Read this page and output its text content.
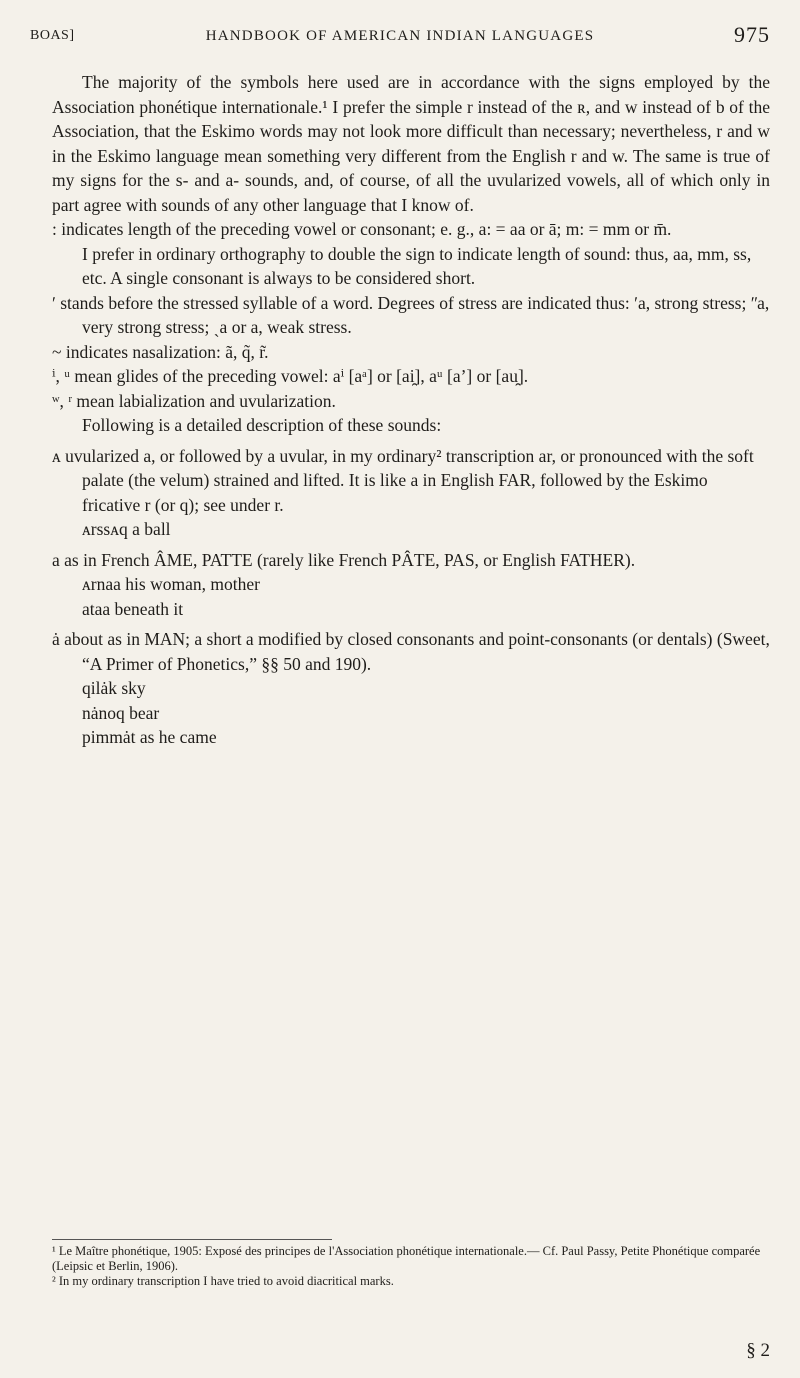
BOAS]	HANDBOOK OF AMERICAN INDIAN LANGUAGES	975

The majority of the symbols here used are in accordance with the signs employed by the Association phonétique internationale.¹ I prefer the simple r instead of the ʀ, and w instead of b of the Association, that the Eskimo words may not look more difficult than necessary; nevertheless, r and w in the Eskimo language mean something very different from the English r and w. The same is true of my signs for the s- and a- sounds, and, of course, of all the uvularized vowels, all of which only in part agree with sounds of any other language that I know of.

: indicates length of the preceding vowel or consonant; e. g., a: = aa or ā; m: = mm or m̄.

I prefer in ordinary orthography to double the sign to indicate length of sound: thus, aa, mm, ss, etc. A single consonant is always to be considered short.

ʹ stands before the stressed syllable of a word. Degrees of stress are indicated thus: ʹa, strong stress; ʺa, very strong stress; ˏa or a, weak stress.

~ indicates nasalization: ã, q̃, r̃.

ⁱ, ᵘ mean glides of the preceding vowel: aⁱ [aᵃ] or [ai̯], aᵘ [aʼ] or [au̯].

ʷ, ʳ mean labialization and uvularization.

Following is a detailed description of these sounds:

ᴀ uvularized a, or followed by a uvular, in my ordinary² transcription ar, or pronounced with the soft palate (the velum) strained and lifted. It is like a in English FAR, followed by the Eskimo fricative r (or q); see under r.

ᴀrssᴀq a ball

a as in French ÂME, PATTE (rarely like French PÂTE, PAS, or English FATHER).

ᴀrnaa his woman, mother

ataa beneath it

ȧ about as in MAN; a short a modified by closed consonants and point-consonants (or dentals) (Sweet, “A Primer of Phonetics,” §§ 50 and 190).

qilȧk sky

nȧnoq bear

pimmȧt as he came

¹ Le Maître phonétique, 1905: Exposé des principes de l'Association phonétique internationale.— Cf. Paul Passy, Petite Phonétique comparée (Leipsic et Berlin, 1906).

² In my ordinary transcription I have tried to avoid diacritical marks.

§ 2
